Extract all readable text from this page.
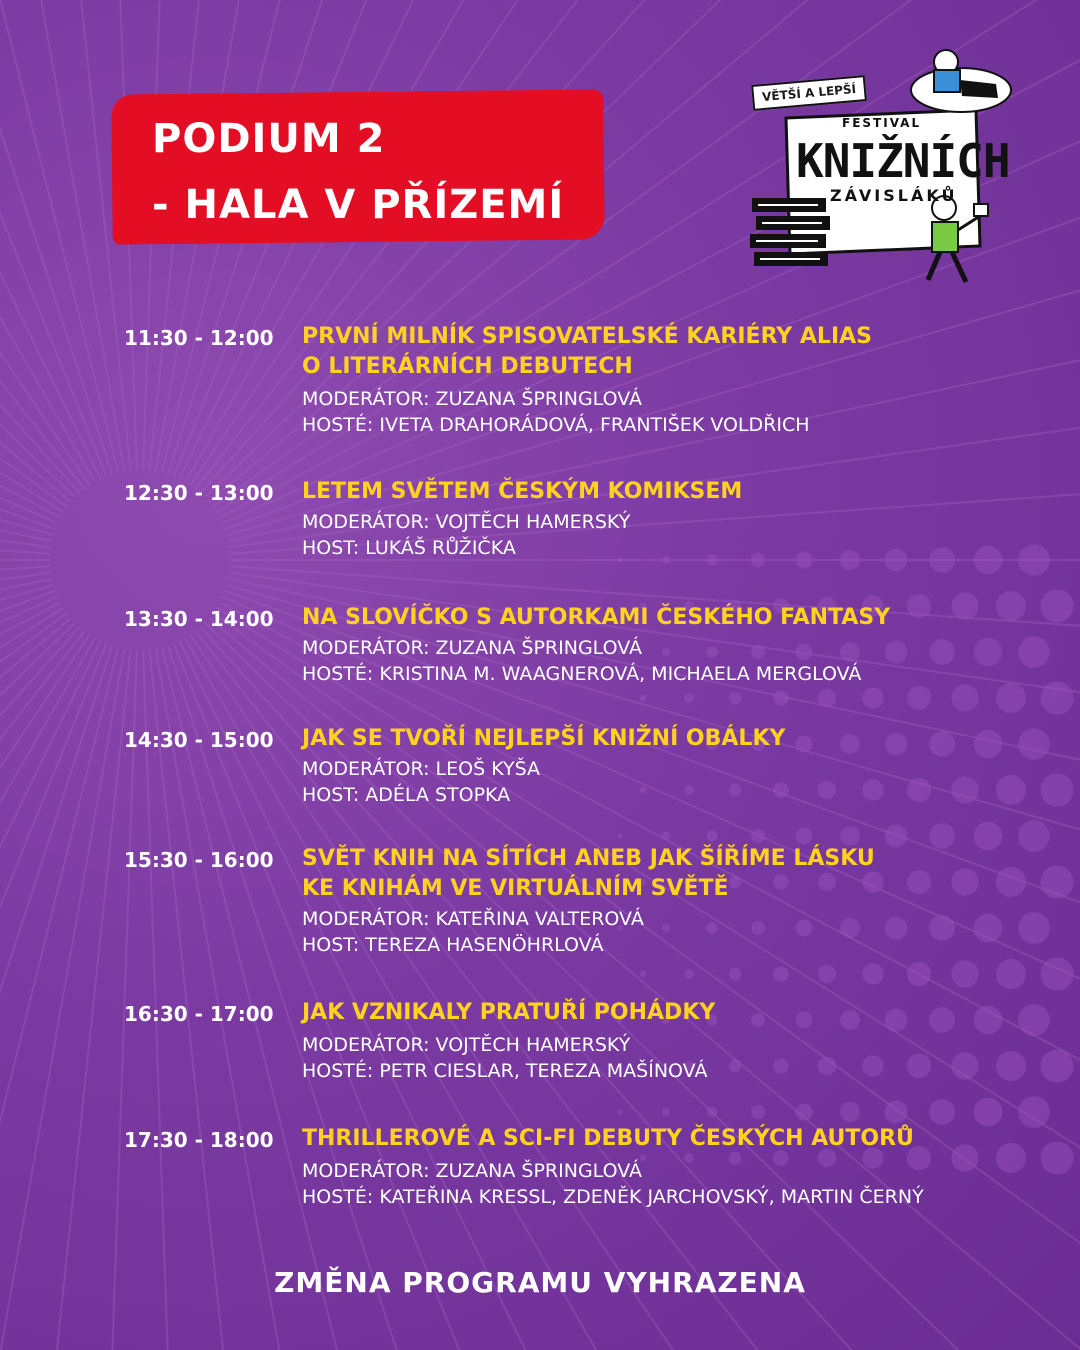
PODIUM 2
- HALA V PŘÍZEMÍ
VĚTŠÍ A LEPŠÍ
FESTIVAL
KNIŽNÍCH
ZÁVISLÁKŮ
11:30 - 12:00	PRVNÍ MILNÍK SPISOVATELSKÉ KARIÉRY ALIAS
O LITERÁRNÍCH DEBUTECH
MODERÁTOR: ZUZANA ŠPRINGLOVÁ
HOSTÉ: IVETA DRAHORÁDOVÁ, FRANTIŠEK VOLDŘICH
12:30 - 13:00	LETEM SVĚTEM ČESKÝM KOMIKSEM
MODERÁTOR: VOJTĚCH HAMERSKÝ
HOST: LUKÁŠ RŮŽIČKA
13:30 - 14:00	NA SLOVÍČKO S AUTORKAMI ČESKÉHO FANTASY
MODERÁTOR: ZUZANA ŠPRINGLOVÁ
HOSTÉ: KRISTINA M. WAAGNEROVÁ, MICHAELA MERGLOVÁ
14:30 - 15:00	JAK SE TVOŘÍ NEJLEPŠÍ KNIŽNÍ OBÁLKY
MODERÁTOR: LEOŠ KYŠA
HOST: ADÉLA STOPKA
15:30 - 16:00	SVĚT KNIH NA SÍTÍCH ANEB JAK ŠÍŘÍME LÁSKU
KE KNIHÁM VE VIRTUÁLNÍM SVĚTĚ
MODERÁTOR: KATEŘINA VALTEROVÁ
HOST: TEREZA HASENÖHRLOVÁ
16:30 - 17:00	JAK VZNIKALY PRATUŘÍ POHÁDKY
MODERÁTOR: VOJTĚCH HAMERSKÝ
HOSTÉ: PETR CIESLAR, TEREZA MAŠÍNOVÁ
17:30 - 18:00	THRILLEROVÉ A SCI-FI DEBUTY ČESKÝCH AUTORŮ
MODERÁTOR: ZUZANA ŠPRINGLOVÁ
HOSTÉ: KATEŘINA KRESSL, ZDENĚK JARCHOVSKÝ, MARTIN ČERNÝ
ZMĚNA PROGRAMU VYHRAZENA
